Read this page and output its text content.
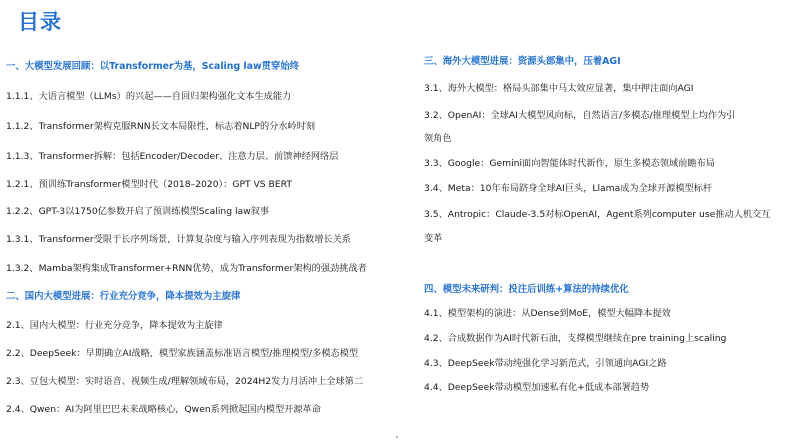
目录
一、大模型发展回顾：以Transformer为基，Scaling law贯穿始终
1.1.1、大语言模型（LLMs）的兴起——自回归架构强化文本生成能力
1.1.2、Transformer架构克服RNN长文本局限性，标志着NLP的分水岭时刻
1.1.3、Transformer拆解：包括Encoder/Decoder、注意力层、前馈神经网络层
1.2.1、预训练Transformer模型时代（2018–2020）：GPT VS BERT
1.2.2、GPT-3以1750亿参数开启了预训练模型Scaling law叙事
1.3.1、Transformer受限于长序列场景，计算复杂度与输入序列表现为指数增长关系
1.3.2、Mamba架构集成Transformer+RNN优势，成为Transformer架构的强劲挑战者
二、国内大模型进展：行业充分竞争，降本提效为主旋律
2.1、国内大模型：行业充分竞争，降本提效为主旋律
2.2、DeepSeek：早期确立AI战略，模型家族涵盖标准语言模型/推理模型/多模态模型
2.3、豆包大模型：实时语音、视频生成/理解领域布局，2024H2发力月活冲上全球第二
2.4、Qwen：AI为阿里巴巴未来战略核心，Qwen系列掀起国内模型开源革命
三、海外大模型进展：资源头部集中，压着AGI
3.1、海外大模型：格局头部集中马太效应显著，集中押注面向AGI
3.2、OpenAI：全球AI大模型风向标，自然语言/多模态/推理模型上均作为引
领角色
3.3、Google：Gemini面向智能体时代新作，原生多模态领域前瞻布局
3.4、Meta：10年布局跻身全球AI巨头，Llama成为全球开源模型标杆
3.5、Antropic：Claude-3.5对标OpenAI，Agent系列computer use推动人机交互
变革
四、模型未来研判：投注后训练+算法的持续优化
4.1、模型架构的演进：从Dense到MoE，模型大幅降本提效
4.2、合成数据作为AI时代新石油，支撑模型继续在pre training上scaling
4.3、DeepSeek带动纯强化学习新范式，引领通向AGI之路
4.4、DeepSeek带动模型加速私有化+低成本部署趋势
